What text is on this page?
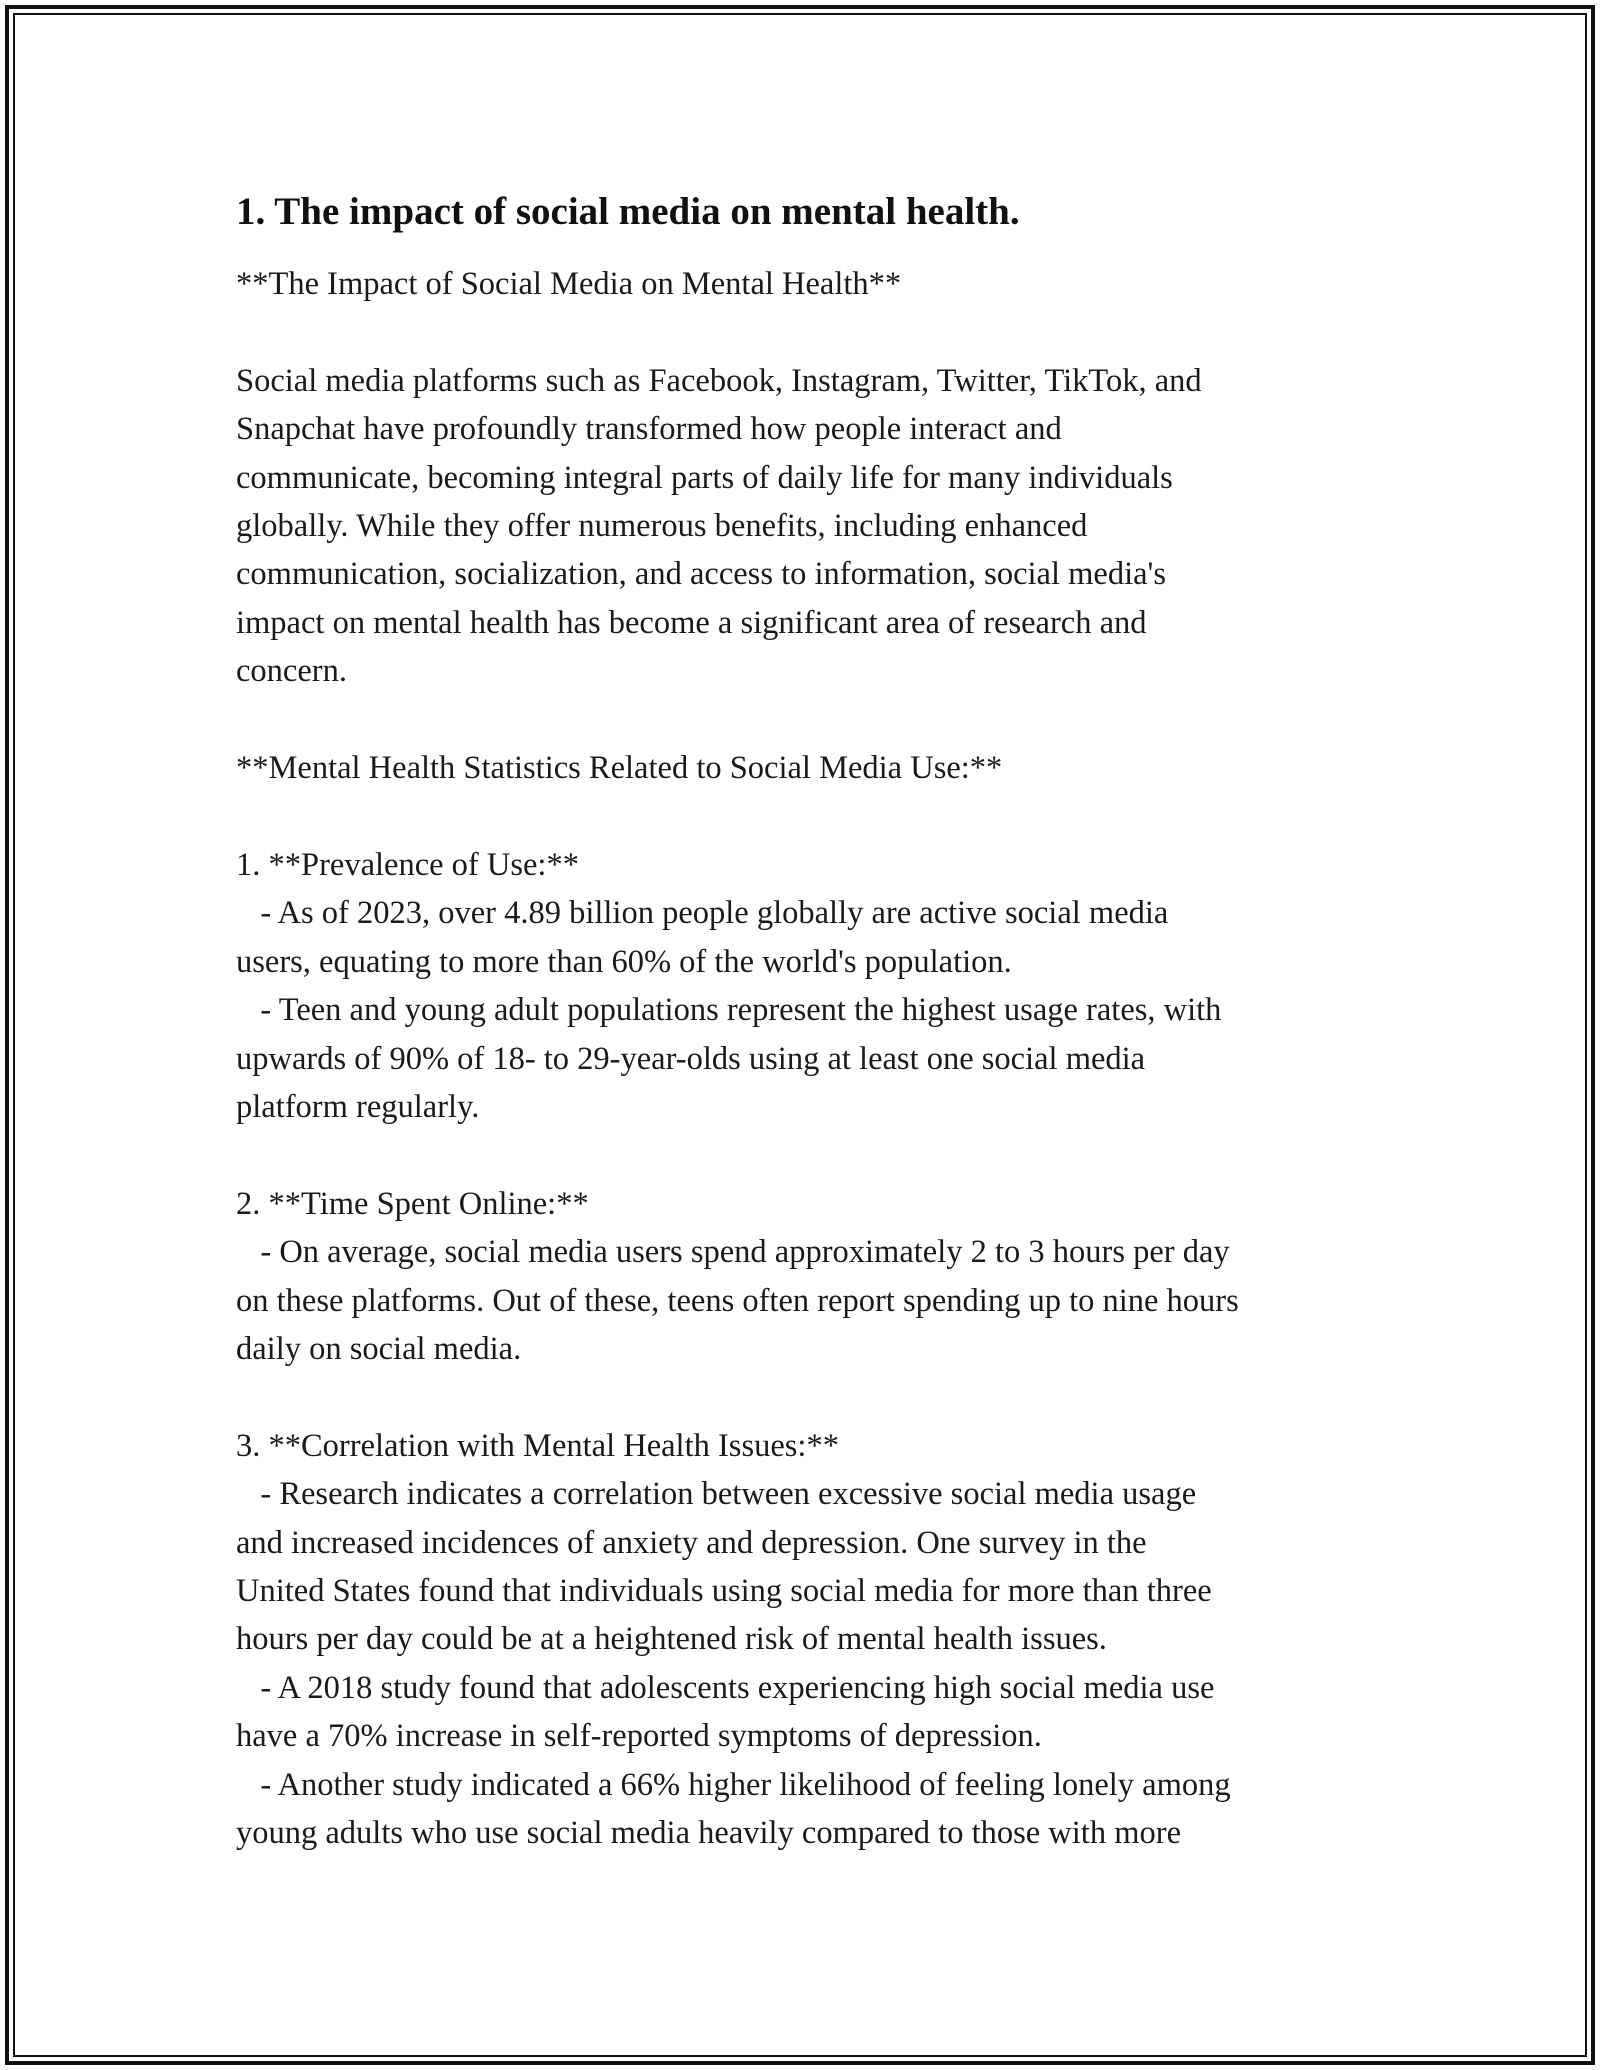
1. The impact of social media on mental health.

**The Impact of Social Media on Mental Health**

Social media platforms such as Facebook, Instagram, Twitter, TikTok, and
Snapchat have profoundly transformed how people interact and
communicate, becoming integral parts of daily life for many individuals
globally. While they offer numerous benefits, including enhanced
communication, socialization, and access to information, social media's
impact on mental health has become a significant area of research and
concern.

**Mental Health Statistics Related to Social Media Use:**

1. **Prevalence of Use:**
- As of 2023, over 4.89 billion people globally are active social media
users, equating to more than 60% of the world's population.
- Teen and young adult populations represent the highest usage rates, with
upwards of 90% of 18- to 29-year-olds using at least one social media
platform regularly.

2. **Time Spent Online:**
- On average, social media users spend approximately 2 to 3 hours per day
on these platforms. Out of these, teens often report spending up to nine hours
daily on social media.

3. **Correlation with Mental Health Issues:**
- Research indicates a correlation between excessive social media usage
and increased incidences of anxiety and depression. One survey in the
United States found that individuals using social media for more than three
hours per day could be at a heightened risk of mental health issues.
- A 2018 study found that adolescents experiencing high social media use
have a 70% increase in self-reported symptoms of depression.
- Another study indicated a 66% higher likelihood of feeling lonely among
young adults who use social media heavily compared to those with more
